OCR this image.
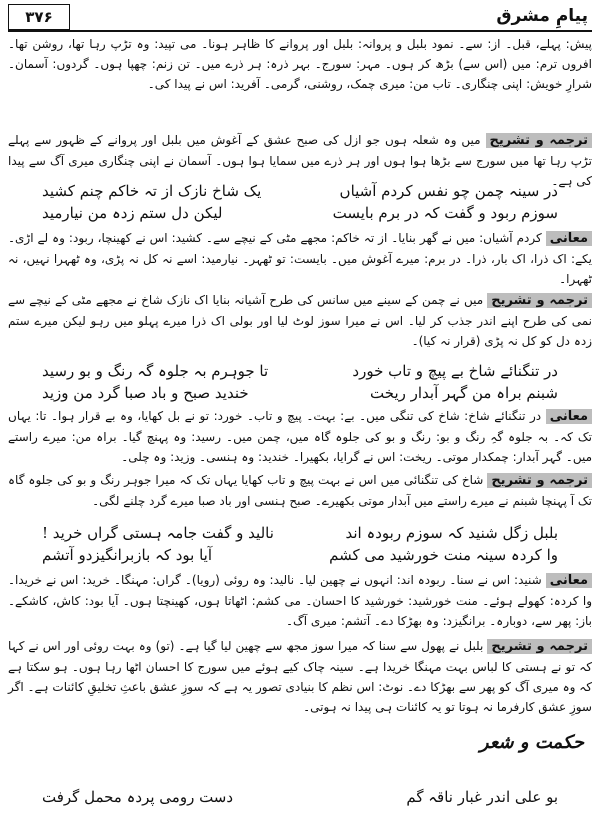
پیامِ مشرق
۳۷۶

پیش: پہلے، قبل۔ از: سے۔ نمود بلبل و پروانہ: بلبل اور پروانے کا ظاہر ہونا۔ می تپید: وہ تڑپ رہا تھا، روشن تھا۔ افروں ترم: میں (اس سے) بڑھ کر ہوں۔ مہر: سورج۔ بہر ذرہ: ہر ذرے میں۔ تن زنم: چھپا ہوں۔ گردوں: آسمان۔ شرارِ خویش: اپنی چنگاری۔ تاب من: میری چمک، روشنی، گرمی۔ آفرید: اس نے پیدا کی۔

ترجمہ و تشریح میں وہ شعلہ ہوں جو ازل کی صبح عشق کے آغوش میں بلبل اور پروانے کے ظہور سے پہلے تڑپ رہا تھا میں سورج سے بڑھا ہوا ہوں اور ہر ذرے میں سمایا ہوا ہوں۔ آسمان نے اپنی چنگاری میری آگ سے پیدا کی ہے۔

در سینہ چمن چو نفس کردم آشیاں
یک شاخ نازک از تہ خاکم چنم کشید
سوزم ربود و گفت کہ در برم بایست
لیکن دل ستم زدہ من نیارمید

معانی کردم آشیاں: میں نے گھر بنایا۔ از تہ خاکم: مجھے مٹی کے نیچے سے۔ کشید: اس نے کھینچا، ربود: وہ لے اڑی۔ یکے: اک ذرا، اک بار، ذرا۔ در برم: میرے آغوش میں۔ بایست: تو ٹھہر۔ نیارمید: اسے نہ کل نہ پڑی، وہ ٹھہرا نہیں، نہ ٹھہرا۔

ترجمہ و تشریح میں نے چمن کے سینے میں سانس کی طرح آشیانہ بنایا اک نازک شاخ نے مجھے مٹی کے نیچے سے نمی کی طرح اپنے اندر جذب کر لیا۔ اس نے میرا سوز لوٹ لیا اور بولی اک ذرا میرے پہلو میں رہو لیکن میرے ستم زدہ دل کو کل نہ پڑی (قرار نہ کیا)۔

در تنگنائے شاخ بے پیچ و تاب خورد
تا جوہرم بہ جلوہ گہ رنگ و بو رسید
شبنم براہ من گہر آبدار ریخت
خندید صبح و باد صبا گرد من وزید

معانی در تنگنائے شاخ: شاخ کی تنگی میں۔ بے: بہت۔ پیچ و تاب۔ خورد: تو نے بل کھایا، وہ بے قرار ہوا۔ تا: یہاں تک کہ۔ بہ جلوہ گہِ رنگ و بو: رنگ و بو کی جلوہ گاہ میں، چمن میں۔ رسید: وہ پہنچ گیا۔ براہ من: میرے راستے میں۔ گہر آبدار: چمکدار موتی۔ ریخت: اس نے گرایا، بکھیرا۔ خندید: وہ ہنسی۔ وزید: وہ چلی۔

ترجمہ و تشریح شاخ کی تنگنائی میں اس نے بہت پیچ و تاب کھایا یہاں تک کہ میرا جوہر رنگ و بو کی جلوہ گاہ تک آ پہنچا شبنم نے میرے راستے میں آبدار موتی بکھیرے۔ صبح ہنسی اور باد صبا میرے گرد چلنے لگی۔

بلبل زگل شنید کہ سوزم ربودہ اند
نالید و گفت جامہ ہستی گراں خرید !
وا کردہ سینہ منت خورشید می کشم
آیا بود کہ بازبرانگیزدو آتشم

معانی شنید: اس نے سنا۔ ربودہ اند: انہوں نے چھین لیا۔ نالید: وہ روئی (رویا)۔ گراں: مہنگا۔ خرید: اس نے خریدا۔ وا کردہ: کھولے ہوئے۔ منت خورشید: خورشید کا احسان۔ می کشم: اٹھاتا ہوں، کھینچتا ہوں۔ آیا بود: کاش، کاشکے۔ باز: پھر سے، دوبارہ۔ برانگیزد: وہ بھڑکا دے۔ آتشم: میری آگ۔

ترجمہ و تشریح بلبل نے پھول سے سنا کہ میرا سوز مجھ سے چھین لیا گیا ہے۔ (تو) وہ بہت روئی اور اس نے کہا کہ تو نے ہستی کا لباس بہت مہنگا خریدا ہے۔ سینہ چاک کیے ہوئے میں سورج کا احسان اٹھا رہا ہوں۔ ہو سکتا ہے کہ وہ میری آگ کو پھر سے بھڑکا دے۔ نوٹ: اس نظم کا بنیادی تصور یہ ہے کہ سوزِ عشق باعثِ تخلیقِ کائنات ہے۔ اگر سوزِ عشق کارفرما نہ ہوتا تو یہ کائنات ہی پیدا نہ ہوتی۔

حکمت و شعر
بو علی اندر غبار ناقہ گم
دست رومی پردہ محمل گرفت
